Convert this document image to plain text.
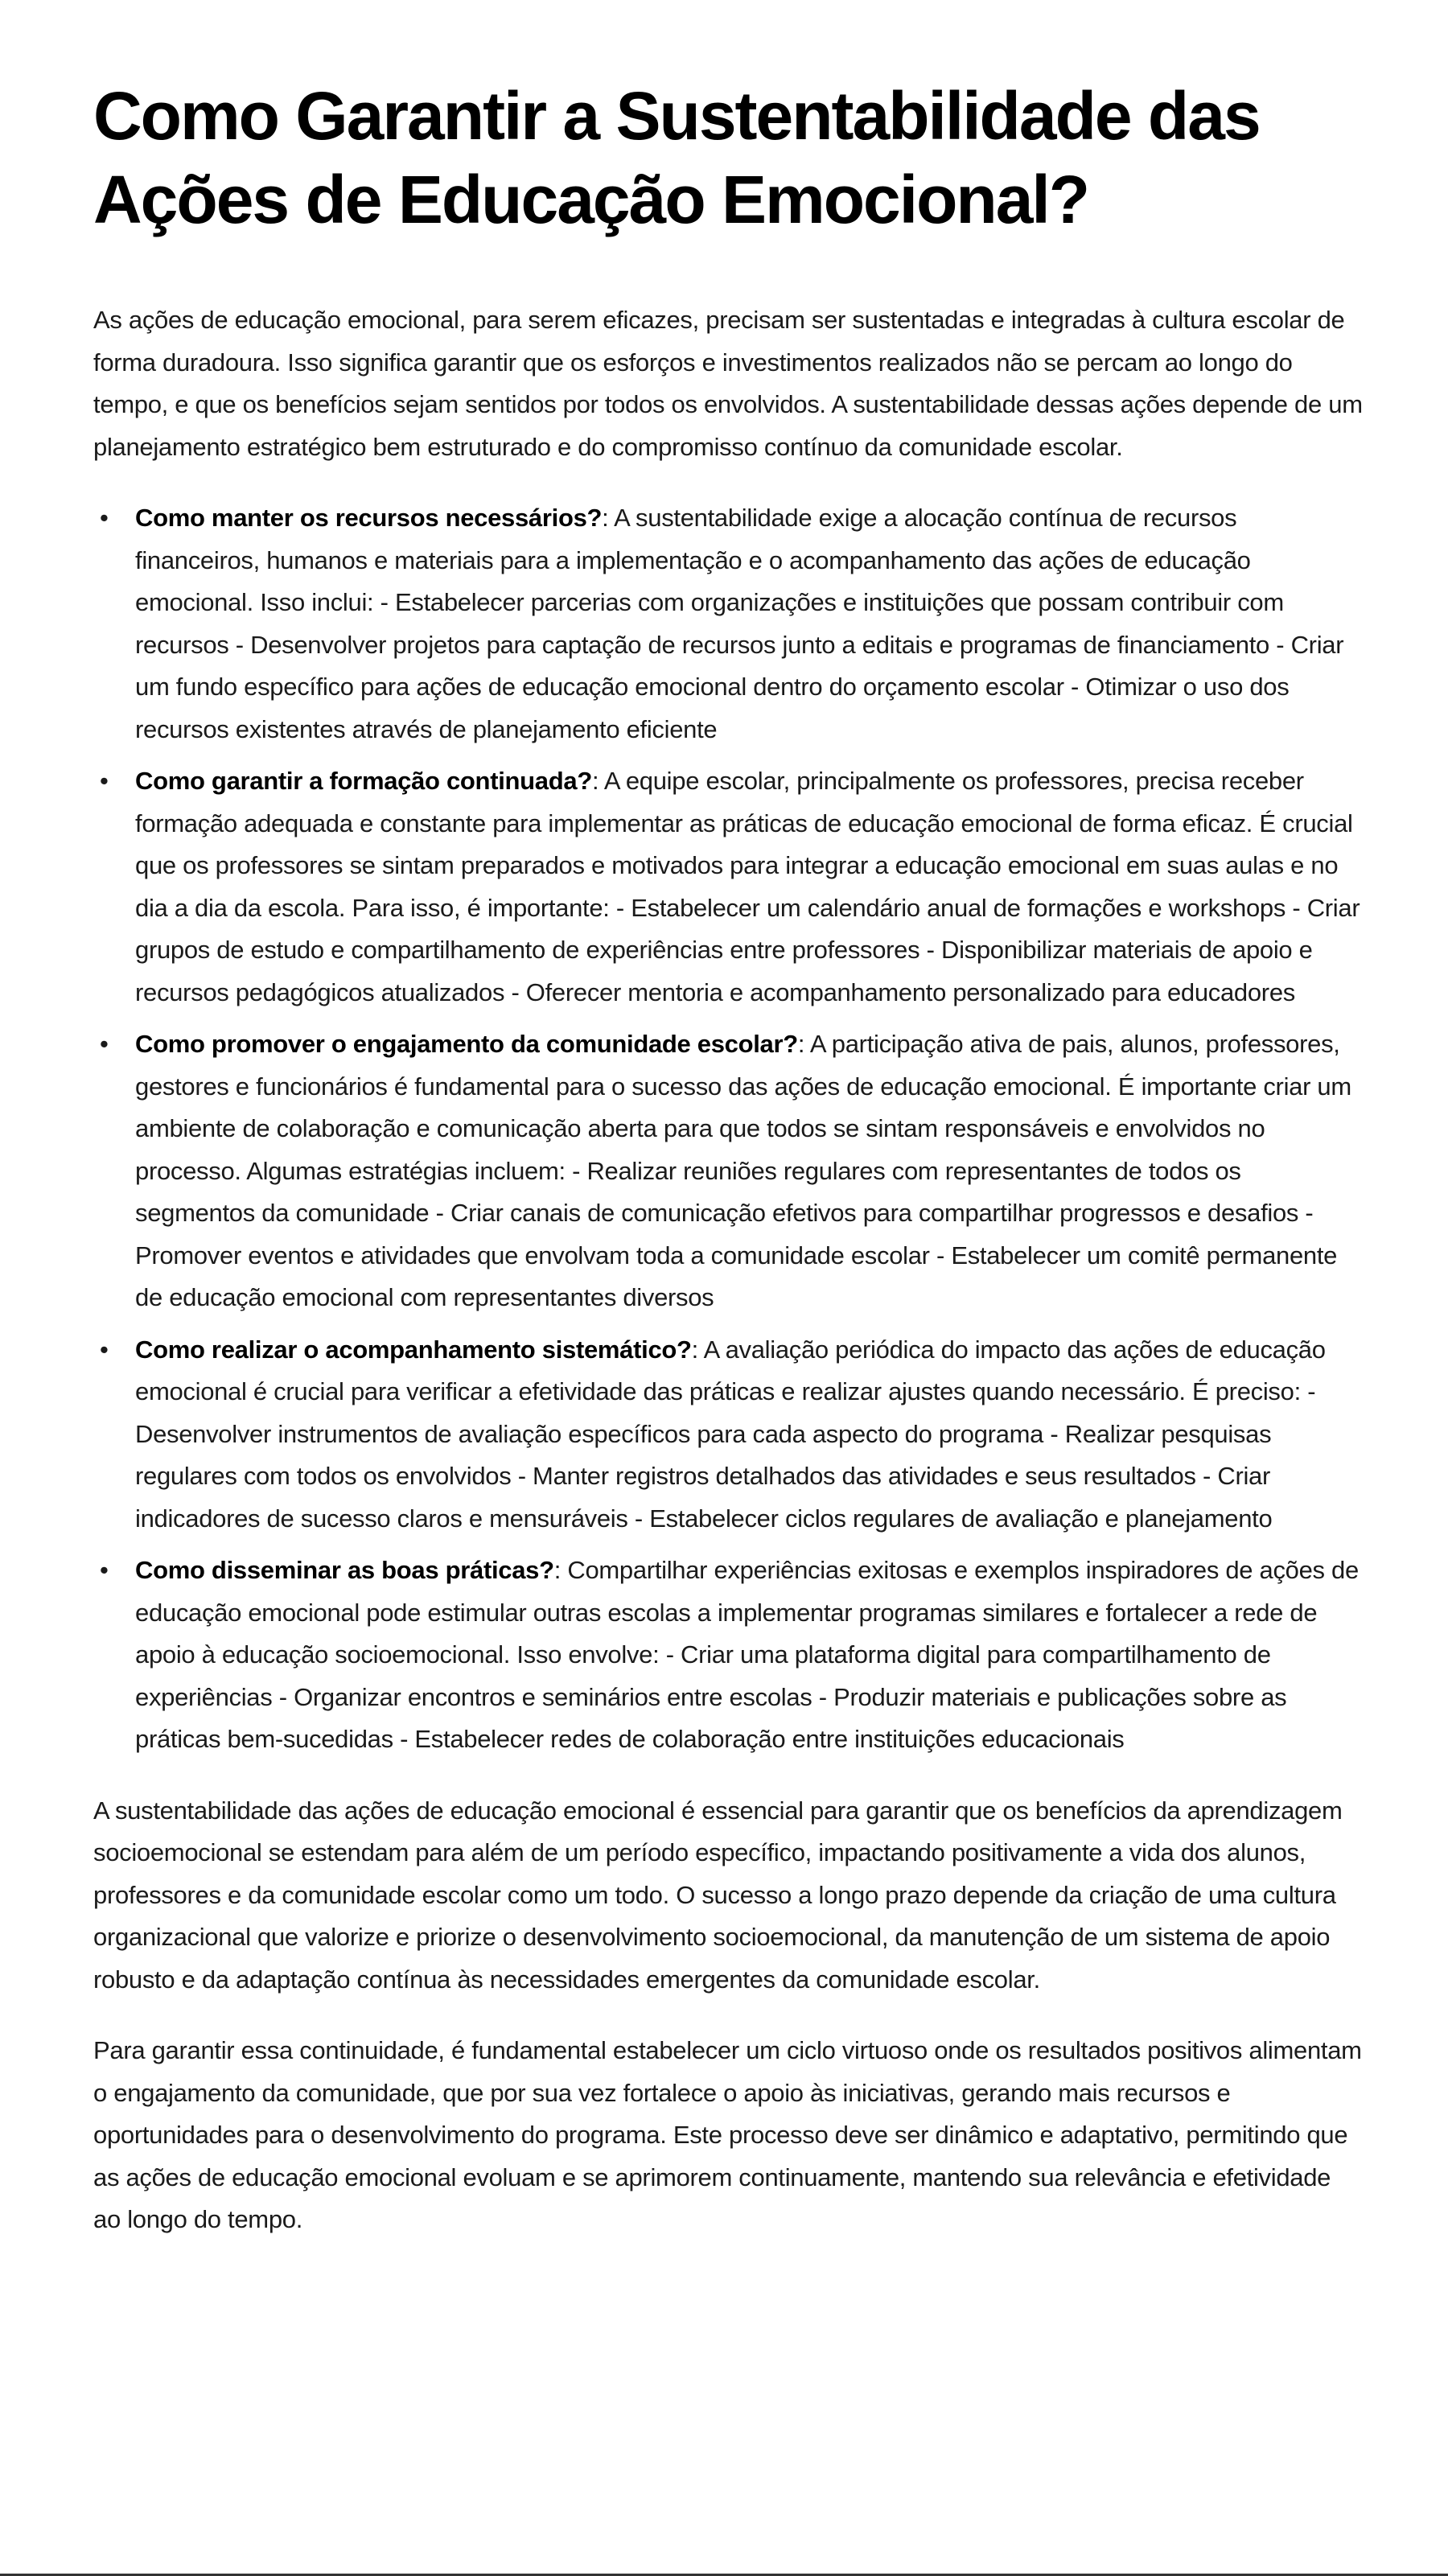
Como Garantir a Sustentabilidade das Ações de Educação Emocional?

As ações de educação emocional, para serem eficazes, precisam ser sustentadas e integradas à cultura escolar de forma duradoura. Isso significa garantir que os esforços e investimentos realizados não se percam ao longo do tempo, e que os benefícios sejam sentidos por todos os envolvidos. A sustentabilidade dessas ações depende de um planejamento estratégico bem estruturado e do compromisso contínuo da comunidade escolar.

• Como manter os recursos necessários?: A sustentabilidade exige a alocação contínua de recursos financeiros, humanos e materiais para a implementação e o acompanhamento das ações de educação emocional. Isso inclui: - Estabelecer parcerias com organizações e instituições que possam contribuir com recursos - Desenvolver projetos para captação de recursos junto a editais e programas de financiamento - Criar um fundo específico para ações de educação emocional dentro do orçamento escolar - Otimizar o uso dos recursos existentes através de planejamento eficiente
• Como garantir a formação continuada?: A equipe escolar, principalmente os professores, precisa receber formação adequada e constante para implementar as práticas de educação emocional de forma eficaz. É crucial que os professores se sintam preparados e motivados para integrar a educação emocional em suas aulas e no dia a dia da escola. Para isso, é importante: - Estabelecer um calendário anual de formações e workshops - Criar grupos de estudo e compartilhamento de experiências entre professores - Disponibilizar materiais de apoio e recursos pedagógicos atualizados - Oferecer mentoria e acompanhamento personalizado para educadores
• Como promover o engajamento da comunidade escolar?: A participação ativa de pais, alunos, professores, gestores e funcionários é fundamental para o sucesso das ações de educação emocional. É importante criar um ambiente de colaboração e comunicação aberta para que todos se sintam responsáveis e envolvidos no processo. Algumas estratégias incluem: - Realizar reuniões regulares com representantes de todos os segmentos da comunidade - Criar canais de comunicação efetivos para compartilhar progressos e desafios - Promover eventos e atividades que envolvam toda a comunidade escolar - Estabelecer um comitê permanente de educação emocional com representantes diversos
• Como realizar o acompanhamento sistemático?: A avaliação periódica do impacto das ações de educação emocional é crucial para verificar a efetividade das práticas e realizar ajustes quando necessário. É preciso: - Desenvolver instrumentos de avaliação específicos para cada aspecto do programa - Realizar pesquisas regulares com todos os envolvidos - Manter registros detalhados das atividades e seus resultados - Criar indicadores de sucesso claros e mensuráveis - Estabelecer ciclos regulares de avaliação e planejamento
• Como disseminar as boas práticas?: Compartilhar experiências exitosas e exemplos inspiradores de ações de educação emocional pode estimular outras escolas a implementar programas similares e fortalecer a rede de apoio à educação socioemocional. Isso envolve: - Criar uma plataforma digital para compartilhamento de experiências - Organizar encontros e seminários entre escolas - Produzir materiais e publicações sobre as práticas bem-sucedidas - Estabelecer redes de colaboração entre instituições educacionais

A sustentabilidade das ações de educação emocional é essencial para garantir que os benefícios da aprendizagem socioemocional se estendam para além de um período específico, impactando positivamente a vida dos alunos, professores e da comunidade escolar como um todo. O sucesso a longo prazo depende da criação de uma cultura organizacional que valorize e priorize o desenvolvimento socioemocional, da manutenção de um sistema de apoio robusto e da adaptação contínua às necessidades emergentes da comunidade escolar.

Para garantir essa continuidade, é fundamental estabelecer um ciclo virtuoso onde os resultados positivos alimentam o engajamento da comunidade, que por sua vez fortalece o apoio às iniciativas, gerando mais recursos e oportunidades para o desenvolvimento do programa. Este processo deve ser dinâmico e adaptativo, permitindo que as ações de educação emocional evoluam e se aprimorem continuamente, mantendo sua relevância e efetividade ao longo do tempo.
